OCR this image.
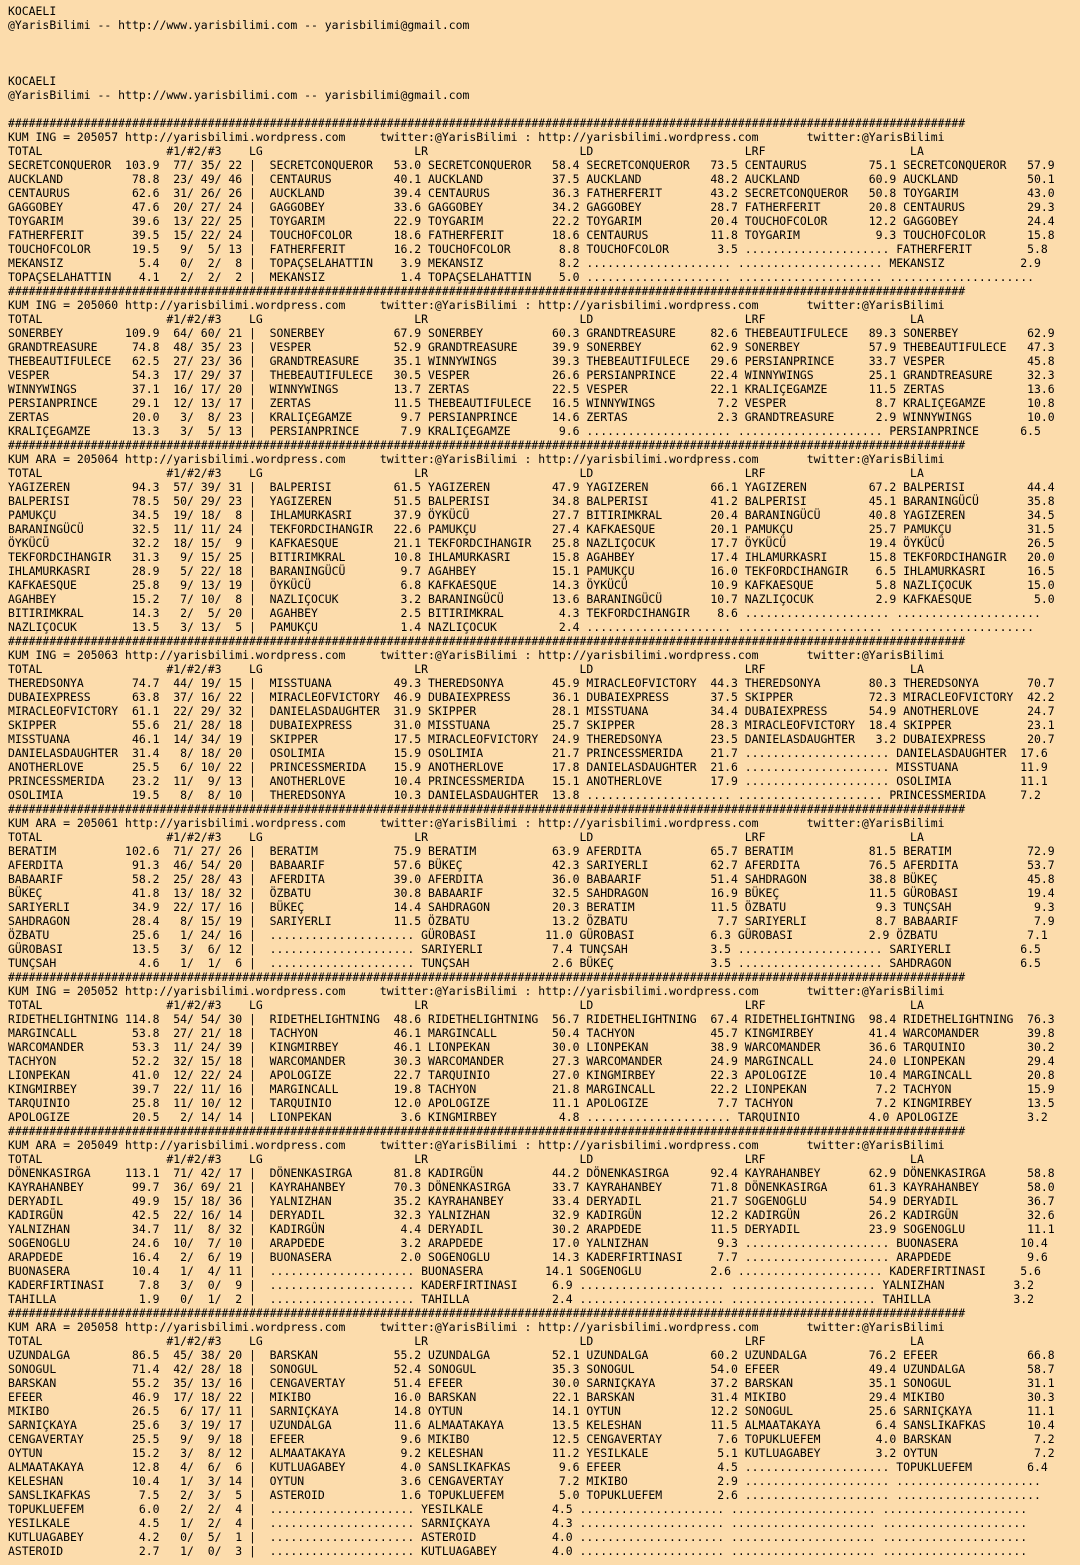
KOCAELI
@YarisBilimi -- http://www.yarisbilimi.com -- yarisbilimi@gmail.com
KOCAELI
@YarisBilimi -- http://www.yarisbilimi.com -- yarisbilimi@gmail.com
###########################################################################################################################################
KUM ING = 205057 http://yarisbilimi.wordpress.com     twitter:@YarisBilimi : http://yarisbilimi.wordpress.com       twitter:@YarisBilimi
TOTAL                  #1/#2/#3    LG                      LR                      LD                      LRF                     LA
SECRETCONQUEROR  103.9  77/ 35/ 22 |  SECRETCONQUEROR   53.0 SECRETCONQUEROR   58.4 SECRETCONQUEROR   73.5 CENTAURUS         75.1 SECRETCONQUEROR   57.9
AUCKLAND          78.8  23/ 49/ 46 |  CENTAURUS         40.1 AUCKLAND          37.5 AUCKLAND          48.2 AUCKLAND          60.9 AUCKLAND          50.1
CENTAURUS         62.6  31/ 26/ 26 |  AUCKLAND          39.4 CENTAURUS         36.3 FATHERFERIT       43.2 SECRETCONQUEROR   50.8 TOYGARIM          43.0
GAGGOBEY          47.6  20/ 27/ 24 |  GAGGOBEY          33.6 GAGGOBEY          34.2 GAGGOBEY          28.7 FATHERFERIT       20.8 CENTAURUS         29.3
TOYGARIM          39.6  13/ 22/ 25 |  TOYGARIM          22.9 TOYGARIM          22.2 TOYGARIM          20.4 TOUCHOFCOLOR      12.2 GAGGOBEY          24.4
FATHERFERIT       39.5  15/ 22/ 24 |  TOUCHOFCOLOR      18.6 FATHERFERIT       18.6 CENTAURUS         11.8 TOYGARIM           9.3 TOUCHOFCOLOR      15.8
TOUCHOFCOLOR      19.5   9/  5/ 13 |  FATHERFERIT       16.2 TOUCHOFCOLOR       8.8 TOUCHOFCOLOR       3.5 ..................... FATHERFERIT        5.8
MEKANSIZ           5.4   0/  2/  8 |  TOPAÇSELAHATTIN    3.9 MEKANSIZ           8.2 ..................... ..................... MEKANSIZ           2.9
TOPAÇSELAHATTIN    4.1   2/  2/  2 |  MEKANSIZ           1.4 TOPAÇSELAHATTIN    5.0 ..................... ..................... .....................
###########################################################################################################################################
KUM ING = 205060 http://yarisbilimi.wordpress.com     twitter:@YarisBilimi : http://yarisbilimi.wordpress.com       twitter:@YarisBilimi
TOTAL                  #1/#2/#3    LG                      LR                      LD                      LRF                     LA
SONERBEY         109.9  64/ 60/ 21 |  SONERBEY          67.9 SONERBEY          60.3 GRANDTREASURE     82.6 THEBEAUTIFULECE   89.3 SONERBEY          62.9
GRANDTREASURE     74.8  48/ 35/ 23 |  VESPER            52.9 GRANDTREASURE     39.9 SONERBEY          62.9 SONERBEY          57.9 THEBEAUTIFULECE   47.3
THEBEAUTIFULECE   62.5  27/ 23/ 36 |  GRANDTREASURE     35.1 WINNYWINGS        39.3 THEBEAUTIFULECE   29.6 PERSIANPRINCE     33.7 VESPER            45.8
VESPER            54.3  17/ 29/ 37 |  THEBEAUTIFULECE   30.5 VESPER            26.6 PERSIANPRINCE     22.4 WINNYWINGS        25.1 GRANDTREASURE     32.3
WINNYWINGS        37.1  16/ 17/ 20 |  WINNYWINGS        13.7 ZERTAS            22.5 VESPER            22.1 KRALIÇEGAMZE      11.5 ZERTAS            13.6
PERSIANPRINCE     29.1  12/ 13/ 17 |  ZERTAS            11.5 THEBEAUTIFULECE   16.5 WINNYWINGS         7.2 VESPER             8.7 KRALIÇEGAMZE      10.8
ZERTAS            20.0   3/  8/ 23 |  KRALIÇEGAMZE       9.7 PERSIANPRINCE     14.6 ZERTAS             2.3 GRANDTREASURE      2.9 WINNYWINGS        10.0
KRALIÇEGAMZE      13.3   3/  5/ 13 |  PERSIANPRINCE      7.9 KRALIÇEGAMZE       9.6 ..................... ..................... PERSIANPRINCE      6.5
###########################################################################################################################################
KUM ARA = 205064 http://yarisbilimi.wordpress.com     twitter:@YarisBilimi : http://yarisbilimi.wordpress.com       twitter:@YarisBilimi
TOTAL                  #1/#2/#3    LG                      LR                      LD                      LRF                     LA
YAGIZEREN         94.3  57/ 39/ 31 |  BALPERISI         61.5 YAGIZEREN         47.9 YAGIZEREN         66.1 YAGIZEREN         67.2 BALPERISI         44.4
BALPERISI         78.5  50/ 29/ 23 |  YAGIZEREN         51.5 BALPERISI         34.8 BALPERISI         41.2 BALPERISI         45.1 BARANINGÜCÜ       35.8
PAMUKÇU           34.5  19/ 18/  8 |  IHLAMURKASRI      37.9 ÖYKÜCÜ            27.7 BITIRIMKRAL       20.4 BARANINGÜCÜ       40.8 YAGIZEREN         34.5
BARANINGÜCÜ       32.5  11/ 11/ 24 |  TEKFORDCIHANGIR   22.6 PAMUKÇU           27.4 KAFKAESQUE        20.1 PAMUKÇU           25.7 PAMUKÇU           31.5
ÖYKÜCÜ            32.2  18/ 15/  9 |  KAFKAESQUE        21.1 TEKFORDCIHANGIR   25.8 NAZLIÇOCUK        17.7 ÖYKÜCÜ            19.4 ÖYKÜCÜ            26.5
TEKFORDCIHANGIR   31.3   9/ 15/ 25 |  BITIRIMKRAL       10.8 IHLAMURKASRI      15.8 AGAHBEY           17.4 IHLAMURKASRI      15.8 TEKFORDCIHANGIR   20.0
IHLAMURKASRI      28.9   5/ 22/ 18 |  BARANINGÜCÜ        9.7 AGAHBEY           15.1 PAMUKÇU           16.0 TEKFORDCIHANGIR    6.5 IHLAMURKASRI      16.5
KAFKAESQUE        25.8   9/ 13/ 19 |  ÖYKÜCÜ             6.8 KAFKAESQUE        14.3 ÖYKÜCÜ            10.9 KAFKAESQUE         5.8 NAZLIÇOCUK        15.0
AGAHBEY           15.2   7/ 10/  8 |  NAZLIÇOCUK         3.2 BARANINGÜCÜ       13.6 BARANINGÜCÜ       10.7 NAZLIÇOCUK         2.9 KAFKAESQUE         5.0
BITIRIMKRAL       14.3   2/  5/ 20 |  AGAHBEY            2.5 BITIRIMKRAL        4.3 TEKFORDCIHANGIR    8.6 ..................... .....................
NAZLIÇOCUK        13.5   3/ 13/  5 |  PAMUKÇU            1.4 NAZLIÇOCUK         2.4 ..................... ..................... .....................
###########################################################################################################################################
KUM ING = 205063 http://yarisbilimi.wordpress.com     twitter:@YarisBilimi : http://yarisbilimi.wordpress.com       twitter:@YarisBilimi
TOTAL                  #1/#2/#3    LG                      LR                      LD                      LRF                     LA
THEREDSONYA       74.7  44/ 19/ 15 |  MISSTUANA         49.3 THEREDSONYA       45.9 MIRACLEOFVICTORY  44.3 THEREDSONYA       80.3 THEREDSONYA       70.7
DUBAIEXPRESS      63.8  37/ 16/ 22 |  MIRACLEOFVICTORY  46.9 DUBAIEXPRESS      36.1 DUBAIEXPRESS      37.5 SKIPPER           72.3 MIRACLEOFVICTORY  42.2
MIRACLEOFVICTORY  61.1  22/ 29/ 32 |  DANIELASDAUGHTER  31.9 SKIPPER           28.1 MISSTUANA         34.4 DUBAIEXPRESS      54.9 ANOTHERLOVE       24.7
SKIPPER           55.6  21/ 28/ 18 |  DUBAIEXPRESS      31.0 MISSTUANA         25.7 SKIPPER           28.3 MIRACLEOFVICTORY  18.4 SKIPPER           23.1
MISSTUANA         46.1  14/ 34/ 19 |  SKIPPER           17.5 MIRACLEOFVICTORY  24.9 THEREDSONYA       23.5 DANIELASDAUGHTER   3.2 DUBAIEXPRESS      20.7
DANIELASDAUGHTER  31.4   8/ 18/ 20 |  OSOLIMIA          15.9 OSOLIMIA          21.7 PRINCESSMERIDA    21.7 ..................... DANIELASDAUGHTER  17.6
ANOTHERLOVE       25.5   6/ 10/ 22 |  PRINCESSMERIDA    15.9 ANOTHERLOVE       17.8 DANIELASDAUGHTER  21.6 ..................... MISSTUANA         11.9
PRINCESSMERIDA    23.2  11/  9/ 13 |  ANOTHERLOVE       10.4 PRINCESSMERIDA    15.1 ANOTHERLOVE       17.9 ..................... OSOLIMIA          11.1
OSOLIMIA          19.5   8/  8/ 10 |  THEREDSONYA       10.3 DANIELASDAUGHTER  13.8 ..................... ..................... PRINCESSMERIDA     7.2
###########################################################################################################################################
KUM ARA = 205061 http://yarisbilimi.wordpress.com     twitter:@YarisBilimi : http://yarisbilimi.wordpress.com       twitter:@YarisBilimi
TOTAL                  #1/#2/#3    LG                      LR                      LD                      LRF                     LA
BERATIM          102.6  71/ 27/ 26 |  BERATIM           75.9 BERATIM           63.9 AFERDITA          65.7 BERATIM           81.5 BERATIM           72.9
AFERDITA          91.3  46/ 54/ 20 |  BABAARIF          57.6 BÜKEÇ             42.3 SARIYERLI         62.7 AFERDITA          76.5 AFERDITA          53.7
BABAARIF          58.2  25/ 28/ 43 |  AFERDITA          39.0 AFERDITA          36.0 BABAARIF          51.4 SAHDRAGON         38.8 BÜKEÇ             45.8
BÜKEÇ             41.8  13/ 18/ 32 |  ÖZBATU            30.8 BABAARIF          32.5 SAHDRAGON         16.9 BÜKEÇ             11.5 GÜROBASI          19.4
SARIYERLI         34.9  22/ 17/ 16 |  BÜKEÇ             14.4 SAHDRAGON         20.3 BERATIM           11.5 ÖZBATU             9.3 TUNÇSAH            9.3
SAHDRAGON         28.4   8/ 15/ 19 |  SARIYERLI         11.5 ÖZBATU            13.2 ÖZBATU             7.7 SARIYERLI          8.7 BABAARIF           7.9
ÖZBATU            25.6   1/ 24/ 16 |  ..................... GÜROBASI          11.0 GÜROBASI           6.3 GÜROBASI           2.9 ÖZBATU             7.1
GÜROBASI          13.5   3/  6/ 12 |  ..................... SARIYERLI          7.4 TUNÇSAH            3.5 ..................... SARIYERLI          6.5
TUNÇSAH            4.6   1/  1/  6 |  ..................... TUNÇSAH            2.6 BÜKEÇ              3.5 ..................... SAHDRAGON          6.5
###########################################################################################################################################
KUM ING = 205052 http://yarisbilimi.wordpress.com     twitter:@YarisBilimi : http://yarisbilimi.wordpress.com       twitter:@YarisBilimi
TOTAL                  #1/#2/#3    LG                      LR                      LD                      LRF                     LA
RIDETHELIGHTNING 114.8  54/ 54/ 30 |  RIDETHELIGHTNING  48.6 RIDETHELIGHTNING  56.7 RIDETHELIGHTNING  67.4 RIDETHELIGHTNING  98.4 RIDETHELIGHTNING  76.3
MARGINCALL        53.8  27/ 21/ 18 |  TACHYON           46.1 MARGINCALL        50.4 TACHYON           45.7 KINGMIRBEY        41.4 WARCOMANDER       39.8
WARCOMANDER       53.3  11/ 24/ 39 |  KINGMIRBEY        46.1 LIONPEKAN         30.0 LIONPEKAN         38.9 WARCOMANDER       36.6 TARQUINIO         30.2
TACHYON           52.2  32/ 15/ 18 |  WARCOMANDER       30.3 WARCOMANDER       27.3 WARCOMANDER       24.9 MARGINCALL        24.0 LIONPEKAN         29.4
LIONPEKAN         41.0  12/ 22/ 24 |  APOLOGIZE         22.7 TARQUINIO         27.0 KINGMIRBEY        22.3 APOLOGIZE         10.4 MARGINCALL        20.8
KINGMIRBEY        39.7  22/ 11/ 16 |  MARGINCALL        19.8 TACHYON           21.8 MARGINCALL        22.2 LIONPEKAN          7.2 TACHYON           15.9
TARQUINIO         25.8  11/ 10/ 12 |  TARQUINIO         12.0 APOLOGIZE         11.1 APOLOGIZE          7.7 TACHYON            7.2 KINGMIRBEY        13.5
APOLOGIZE         20.5   2/ 14/ 14 |  LIONPEKAN          3.6 KINGMIRBEY         4.8 ..................... TARQUINIO          4.0 APOLOGIZE          3.2
###########################################################################################################################################
KUM ARA = 205049 http://yarisbilimi.wordpress.com     twitter:@YarisBilimi : http://yarisbilimi.wordpress.com       twitter:@YarisBilimi
TOTAL                  #1/#2/#3    LG                      LR                      LD                      LRF                     LA
DÖNENKASIRGA     113.1  71/ 42/ 17 |  DÖNENKASIRGA      81.8 KADIRGÜN          44.2 DÖNENKASIRGA      92.4 KAYRAHANBEY       62.9 DÖNENKASIRGA      58.8
KAYRAHANBEY       99.7  36/ 69/ 21 |  KAYRAHANBEY       70.3 DÖNENKASIRGA      33.7 KAYRAHANBEY       71.8 DÖNENKASIRGA      61.3 KAYRAHANBEY       58.0
DERYADIL          49.9  15/ 18/ 36 |  YALNIZHAN         35.2 KAYRAHANBEY       33.4 DERYADIL          21.7 SOGENOGLU         54.9 DERYADIL          36.7
KADIRGÜN          42.5  22/ 16/ 14 |  DERYADIL          32.3 YALNIZHAN         32.9 KADIRGÜN          12.2 KADIRGÜN          26.2 KADIRGÜN          32.6
YALNIZHAN         34.7  11/  8/ 32 |  KADIRGÜN           4.4 DERYADIL          30.2 ARAPDEDE          11.5 DERYADIL          23.9 SOGENOGLU         11.1
SOGENOGLU         24.6  10/  7/ 10 |  ARAPDEDE           3.2 ARAPDEDE          17.0 YALNIZHAN          9.3 ..................... BUONASERA         10.4
ARAPDEDE          16.4   2/  6/ 19 |  BUONASERA          2.0 SOGENOGLU         14.3 KADERFIRTINASI     7.7 ..................... ARAPDEDE           9.6
BUONASERA         10.4   1/  4/ 11 |  ..................... BUONASERA         14.1 SOGENOGLU          2.6 ..................... KADERFIRTINASI     5.6
KADERFIRTINASI     7.8   3/  0/  9 |  ..................... KADERFIRTINASI     6.9 ..................... ..................... YALNIZHAN          3.2
TAHILLA            1.9   0/  1/  2 |  ..................... TAHILLA            2.4 ..................... ..................... TAHILLA            3.2
###########################################################################################################################################
KUM ARA = 205058 http://yarisbilimi.wordpress.com     twitter:@YarisBilimi : http://yarisbilimi.wordpress.com       twitter:@YarisBilimi
TOTAL                  #1/#2/#3    LG                      LR                      LD                      LRF                     LA
UZUNDALGA         86.5  45/ 38/ 20 |  BARSKAN           55.2 UZUNDALGA         52.1 UZUNDALGA         60.2 UZUNDALGA         76.2 EFEER             66.8
SONOGUL           71.4  42/ 28/ 18 |  SONOGUL           52.4 SONOGUL           35.3 SONOGUL           54.0 EFEER             49.4 UZUNDALGA         58.7
BARSKAN           55.2  35/ 13/ 16 |  CENGAVERTAY       51.4 EFEER             30.0 SARNIÇKAYA        37.2 BARSKAN           35.1 SONOGUL           31.1
EFEER             46.9  17/ 18/ 22 |  MIKIBO            16.0 BARSKAN           22.1 BARSKAN           31.4 MIKIBO            29.4 MIKIBO            30.3
MIKIBO            26.5   6/ 17/ 11 |  SARNIÇKAYA        14.8 OYTUN             14.1 OYTUN             12.2 SONOGUL           25.6 SARNIÇKAYA        11.1
SARNIÇKAYA        25.6   3/ 19/ 17 |  UZUNDALGA         11.6 ALMAATAKAYA       13.5 KELESHAN          11.5 ALMAATAKAYA        6.4 SANSLIKAFKAS      10.4
CENGAVERTAY       25.5   9/  9/ 18 |  EFEER              9.6 MIKIBO            12.5 CENGAVERTAY        7.6 TOPUKLUEFEM        4.0 BARSKAN            7.2
OYTUN             15.2   3/  8/ 12 |  ALMAATAKAYA        9.2 KELESHAN          11.2 YESILKALE          5.1 KUTLUAGABEY        3.2 OYTUN              7.2
ALMAATAKAYA       12.8   4/  6/  6 |  KUTLUAGABEY        4.0 SANSLIKAFKAS       9.6 EFEER              4.5 ..................... TOPUKLUEFEM        6.4
KELESHAN          10.4   1/  3/ 14 |  OYTUN              3.6 CENGAVERTAY        7.2 MIKIBO             2.9 ..................... .....................
SANSLIKAFKAS       7.5   2/  3/  5 |  ASTEROID           1.6 TOPUKLUEFEM        5.0 TOPUKLUEFEM        2.6 ..................... .....................
TOPUKLUEFEM        6.0   2/  2/  4 |  ..................... YESILKALE          4.5 ..................... ..................... .....................
YESILKALE          4.5   1/  2/  4 |  ..................... SARNIÇKAYA         4.3 ..................... ..................... .....................
KUTLUAGABEY        4.2   0/  5/  1 |  ..................... ASTEROID           4.0 ..................... ..................... .....................
ASTEROID           2.7   1/  0/  3 |  ..................... KUTLUAGABEY        4.0 ..................... ..................... .....................
